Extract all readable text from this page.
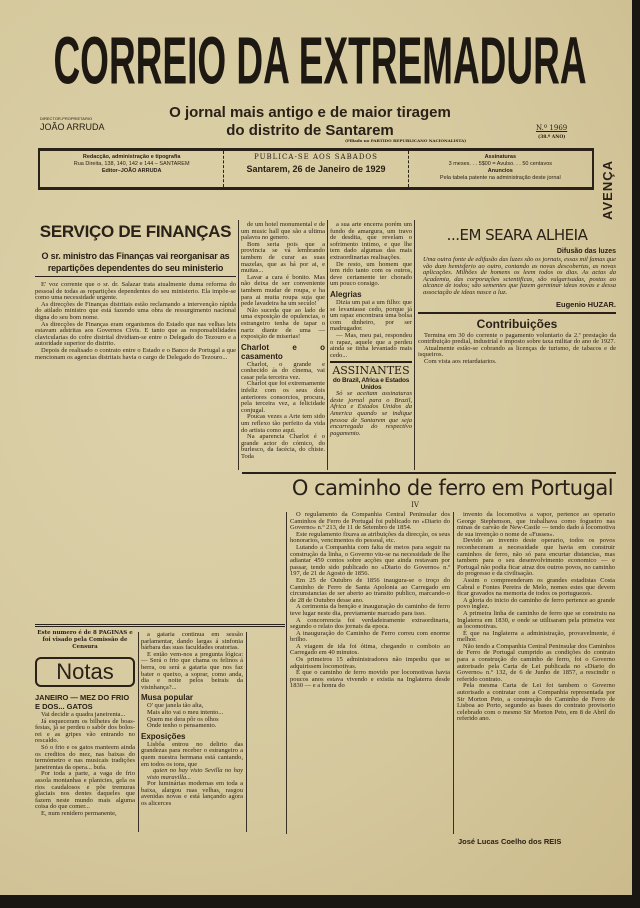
CORREIO DA EXTREMADURA
O jornal mais antigo e de maior tiragem
do distrito de Santarem
DIRECTOR-PROPRIETARIO
JOÃO ARRUDA	N.º 1969
(38.º ANO)
(Filiado no PARTIDO REPUBLICANO NACIONALISTA)
AVENÇA
Redacção, administração e tipografia
Rua Direita, 138, 140, 142 e 144 – SANTAREM
Editor–JOÃO ARRUDA
PUBLICA-SE AOS SABADOS
Santarem, 26 de Janeiro de 1929
Assinaturas
3 meses. . . 5$00 = Avulso. . . 50 centavos
Anuncios
Pela tabela patente na administração deste jornal
SERVIÇO DE FINANÇAS
O sr. ministro das Finanças vai reorganisar as repartições dependentes do seu ministerio

E' voz corrente que o sr. dr. Salazar trata atualmente duma reforma do pessoal de todas as repartições dependentes do seu ministerio. Ela impõe-se como uma necessidade urgente.

As direcções de Finanças distritais estão reclamando a intervenção rápida do atilado ministro que está fazendo uma obra de ressurgimento nacional digna do seu bom nome.

As direcções de Finanças eram organismos do Estado que nas velhas leis estavam adstritas aos Governos Civis. E tanto que as responsabilidades clavicularias do cofre distrital dividiam-se entre o Delegado do Tezouro e a autoridade superior do distrito.

Depois de realisado o contrato entre o Estado e o Banco de Portugal a que mencionam os agencias distritais havia o cargo de Delegado do Tezouro...

de um hotel monumental e de um music hall que são a ultima palavra no genero.

Bom seria pois que a provincia se vá lembrando tambem de curar as suas mazelas, que as há por ai, e muitas...

Lavar a cara é bonito. Mas não deixa de ser conveniente tambem mudar de roupa, e ha para ai muita roupa suja que pede lavadeira ha um seculo!

Não suceda que ao lado de uma exposição de opulencias, o estrangeiro tenha de tapar o nariz diante de uma — exposição de miserias!

Charlot e o casamento

Charlot, o grande e conhecido ás do cinema, vai casar pela terceira vez.

Charlot que foi extremamente infeliz com os seus dois anteriores consorcios, procura, pela terceira vez, a felicidade conjugal.

Poucas vezes a Arte tem sido um reflexo tão perfeito da vida do artista como aqui.

Na aparencia Charlot é o grande actor do cómico, do burlesco, da facécia, do chiste. Toda

a sua arte encerra porém um fundo de amargura, um travo de desdita, que revelam o sofrimento intimo, e que lhe tem dado algumas das mais extraordinarias realisações.

De resto, um homem que tem rido tanto com os outros, deve certamente ter chorado um pouco consigo.

Alegrias

Dizia um pai a um filho: que se levantasse cedo, porque já um rapaz encontrara uma bolsa com dinheiro, por ser madrugador.

— Mas, meu pai, respondeu o rapaz, aquele que a perdeu ainda se tinha levantado mais cedo...

ASSINANTES
do Brazil, Africa e Estados Unidos

Só se aceitam assinaturas deste jornal para o Brazil, Africa e Estados Unidos da America quando se indique pessoa de Santarem que seja encarregada do respectivo pagamento.

...EM SEARA ALHEIA
Difusão das luzes
Uma outra fonte de edifusão das luzes são os jornais, essas mil famas que vão dum hemisferio ao outro, contando as novas descobertas, as novas aplicações. Milhões de homens os leem todos os dias. As actas da Academia, das corporações scientificas, são vulgarisadas, postas ao alcance de todos; são sementes que fazem germinar ideas novas e dessa associação de ideas nasce a luz.
Eugenio HUZAR.
Contribuições

Termina em 30 do corrente o pagamento voluntario da 2.ª prestação da contribuição predial, industrial e imposto sobre taxa militar do ano de 1927.

Atualmente estão-se cobrando as licenças de turismo, de tabacos e de isqueiros.

Com vista aos retardatarios.

O caminho de ferro em Portugal
IV

O regulamento da Companhia Central Peninsular dos Caminhos de Ferro de Portugal foi publicado no «Diario do Governo» n.º 213, de 11 de Setembro de 1854.

Este regulamento fixava as atribuições da direcção, os seus honorarios, vencimentos do pessoal, etc.

Lutando a Companhia com falta de meios para seguir na construção da linha, o Governo viu-se na necessidade de lhe adiantar 459 contos sobre acções que ainda restavam por passar, tendo sido publicado no «Diario do Governo» n.º 197, de 21 de Agosto de 1856.

Em 25 de Outubro de 1856 inaugura-se o troço do Caminho de Ferro de Santa Apolonia ao Carregado em circunstancias de ser aberto ao transito publico, marcando-o de 28 de Outubro desse ano.

A cerimonia da benção e inauguração do caminho de ferro teve lugar neste dia, previamente marcado para isso.

A concorrencia foi verdadeiramente extraordinaria, segundo o relato dos jornais da epoca.

A inauguração do Caminho de Ferro correu com enorme brilho.

A viagem de ida foi ótima, chegando o comboio ao Carregado em 40 minutos.

Os primeiros 15 administradores não impediu que se adquirissem locomotivas.

É que o caminho de ferro movido por locomotivas havia poucos anos estava vivendo e existia na Inglaterra desde 1830 — e a honra do

invento da locomotiva a vapor, pertence ao operario George Stephenson, que trabalhava como fogueiro nas minas de carvão de New-Castle — tendo dado á locomotiva de sua invenção o nome de «Fusses».

Devido ao invento deste operario, todos os povos reconheceram a necessidade que havia em construir caminhos de ferro, não só para encurtar distancias, mas tambem para o seu desenvolvimento economico — e Portugal não podia ficar atraz dos outros povos, no caminho do progresso e da civilisação.

Assim o compreenderam os grandes estadistas Costa Cabral e Fontes Pereira de Melo, nomes estes que devem ficar gravados na memoria de todos os portuguezes.

A gloria do inicio do caminho de ferro pertence ao grande povo inglez.

A primeira linha de caminho de ferro que se construiu na Inglaterra em 1830, e onde se utilisaram pela primeira vez as locomotivas.

É que na Inglaterra a administração, provavelmente, é melhor.

Não tendo a Companhia Central Peninsular dos Caminhos de Ferro de Portugal cumprido as condições do contrato para a construção do caminho de ferro, foi o Governo autorisado pela Carta de Lei publicada no «Diario do Governo» n.º 132, de 6 de Junho de 1857, a rescindir o referido contrato.

Pela mesma Carta de Lei foi tambem o Governo autorisado a contratar com a Companhia representada por Sir Morton Peto, a construção do Caminho de Ferro de Lisboa ao Porto, segundo as bases do contrato provisorio celebrado com o mesmo Sir Morton Peto, em 8 de Abril do referido ano.

José Lucas Coelho dos REIS
Este numero é de 8 PAGINAS e foi visado pela Comissão de Censura
Notas
JANEIRO — MEZ DO FRIO E DOS... GATOS

Vai decidir a quadra janeirenta...

Já esqueceram os bilhetes de boas-festas, já se perdeu o sabôr dos bolos-rei e as gripes vão entrando no rescaldo.

Só o frio e os gatos manteem ainda os creditos do mez, nas baixas do termómetro e nas musicais tradições janeirentas da opera... bufa.

Por toda a parte, a vaga de frio assola montanhas e planicies, gela os rios caudalosos e põe tremuras glaciais nos dentes daqueles que fazem neste mundo mais alguma coisa do que comer...

E, num renidero permanente,

a gataria continua em sessão parlamentar, dando largas á sinfonia bárbara das suas faculdades oratorias.

E então vem-nos a pregunta lógica: — Será o frio que chama os felinos á berra, ou será a gataria que nos faz bater o queixo, a soprar, como anda, dia e noite pelos beirais da visinhança?...

Musa popular
O' que janela tão alta,
Mais alto vai o meu intento...
Quem me dera pôr os olhos
Onde tenho o pensamento.
Exposições

Lisbôa entrou no delirio das grandezas para receber o estrangeiro a quem nuestra hermana está cantando, em todos os tons, que

quien no hay visto Sevilla no hay visto maravilla...

Por luminárias modernas em toda a baixa, alargou ruas velhas, rasgou avenidas novas e está lançando agora os alicerces
